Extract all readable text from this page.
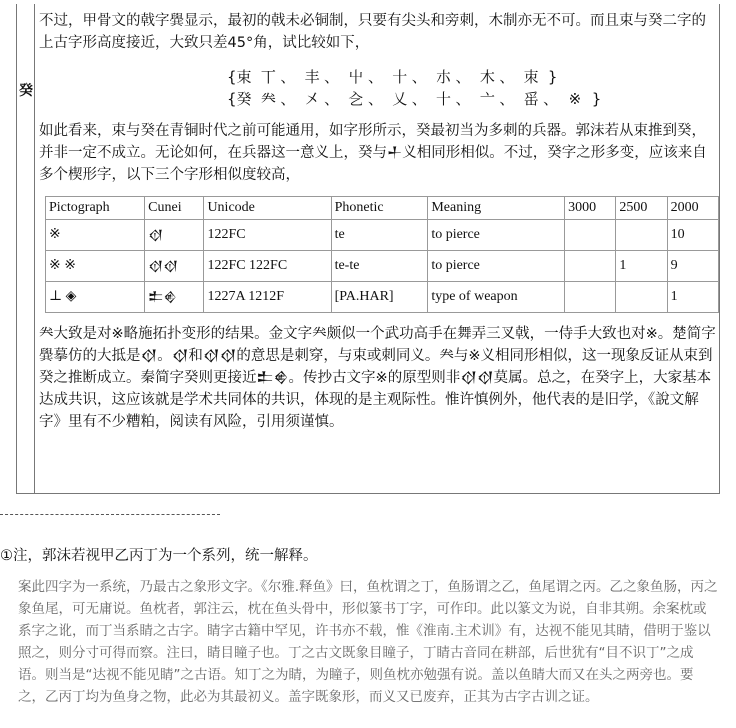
癸

不过，甲骨文的戟字𠔹显示，最初的戟未必铜制，只要有尖头和旁刺，木制亦无不可。而且束与癸二字的上古字形高度接近，大致只差45°角，试比较如下，

{束 丅 、 丰 、 屮 、 十 、 朩 、 木 、 朿 }
{癸 𠔉 、 㐅 、 㐈 、 乂 、 十 、 亠 、 䍃 、 ※ }

如此看来，束与癸在青铜时代之前可能通用，如字形所示，癸最初当为多刺的兵器。郭沫若从束推到癸，并非一定不成立。无论如何，在兵器这一意义上，癸与𒈦义相同形相似。不过，癸字之形多变，应该来自多个楔形字，以下三个字形相似度较高，

Pictograph	Cunei	Unicode	Phonetic	Meaning	3000	2500	2000
※	𒋼	122FC	te	to pierce			10
※ ※	𒋼𒋼	122FC 122FC	te-te	to pierce		1	9
⊥ ◈	𒉺𒄯	1227A 1212F	[PA.HAR]	type of weapon			1

𠔉大致是对※略施拓扑变形的结果。金文字𠔉颇似一个武功高手在舞弄三叉戟，一侍手大致也对※。楚简字𠔹摹仿的大抵是𒋼。𒋼和𒋼𒋼的意思是刺穿，与束或刺同义。𠔉与※义相同形相似，这一现象反证从束到癸之推断成立。秦简字癸则更接近𒉺𒄯。传抄古文字※的原型则非𒋼𒋼莫属。总之，在癸字上，大家基本达成共识，这应该就是学术共同体的共识，体现的是主观际性。惟许慎例外，他代表的是旧学，《說文解字》里有不少糟粕，阅读有风险，引用须谨慎。

①注，郭沫若视甲乙丙丁为一个系列，统一解释。
案此四字为一系统，乃最古之象形文字。《尔雅.释鱼》曰，鱼枕谓之丁，鱼肠谓之乙，鱼尾谓之丙。乙之象鱼肠，丙之象鱼尾，可无庸说。鱼枕者，郭注云，枕在鱼头骨中，形似篆书丁字，可作印。此以篆文为说，自非其朔。余案枕或系字之讹，而丁当系睛之古字。睛字古籍中罕见，许书亦不载，惟《淮南.主术训》有，达视不能见其睛，借明于鉴以照之，则分寸可得而察。注曰，睛目瞳子也。丁之古文既象目瞳子，丁睛古音同在耕部，后世犹有“目不识丁”之成语。则当是“达视不能见睛”之古语。知丁之为睛，为瞳子，则鱼枕亦勉强有说。盖以鱼睛大而又在头之两旁也。要之，乙丙丁均为鱼身之物，此必为其最初义。盖字既象形，而义又已废弃，正其为古字古训之证。
